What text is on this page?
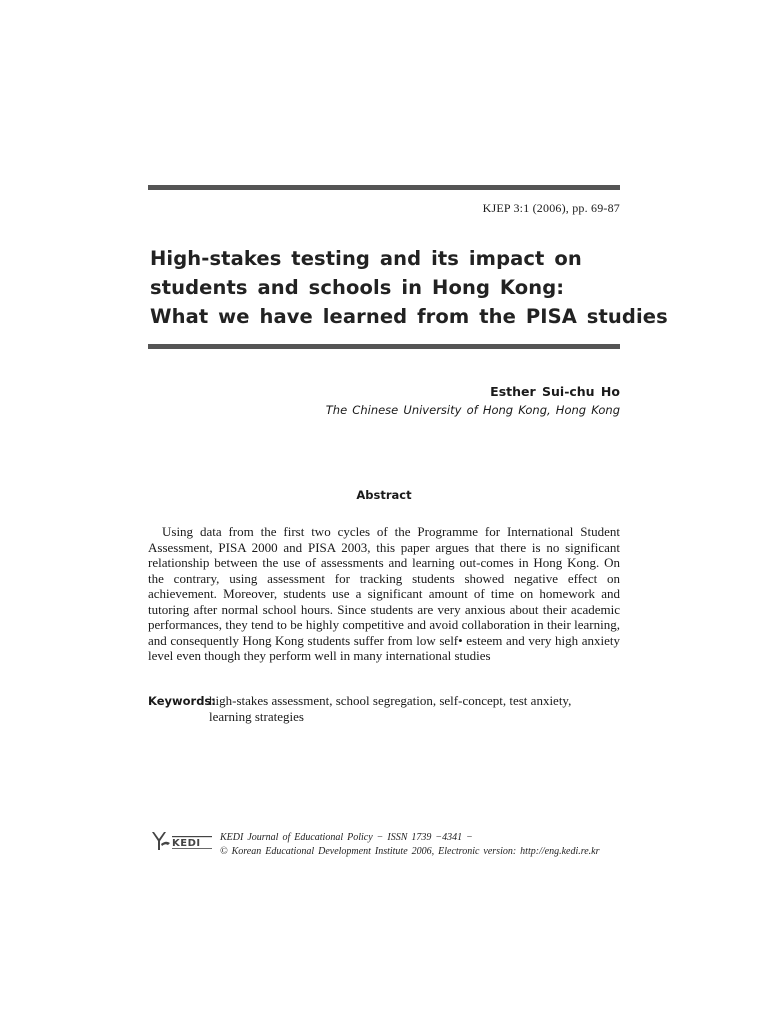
KJEP 3:1 (2006), pp. 69-87
High-stakes testing and its impact on
students and schools in Hong Kong:
What we have learned from the PISA studies
Esther Sui-chu Ho
The Chinese University of Hong Kong, Hong Kong
Abstract

Using data from the first two cycles of the Programme for International Student Assessment, PISA 2000 and PISA 2003, this paper argues that there is no significant relationship between the use of assessments and learning out-comes in Hong Kong. On the contrary, using assessment for tracking students showed negative effect on achievement. Moreover, students use a significant amount of time on homework and tutoring after normal school hours. Since students are very anxious about their academic performances, they tend to be highly competitive and avoid collaboration in their learning, and consequently Hong Kong students suffer from low self• esteem and very high anxiety level even though they perform well in many international studies

Keywords:
high-stakes assessment, school segregation, self-concept, test anxiety, learning strategies
KEDI
KEDI Journal of Educational Policy − ISSN 1739 −4341 −
© Korean Educational Development Institute 2006, Electronic version: http://eng.kedi.re.kr
